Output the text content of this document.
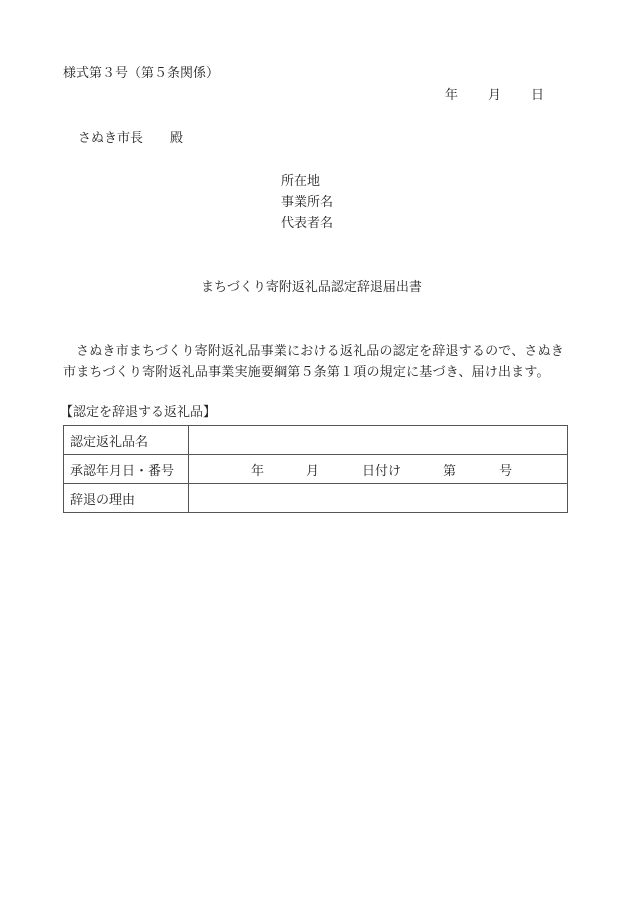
様式第３号（第５条関係）
年 月 日
さぬき市長 殿
所在地
事業所名
代表者名
まちづくり寄附返礼品認定辞退届出書
さぬき市まちづくり寄附返礼品事業における返礼品の認定を辞退するので、さぬき市まちづくり寄附返礼品事業実施要綱第５条第１項の規定に基づき、届け出ます。
【認定を辞退する返礼品】
認定返礼品名	
承認年月日・番号	年 月 日付け 第 号
辞退の理由	
